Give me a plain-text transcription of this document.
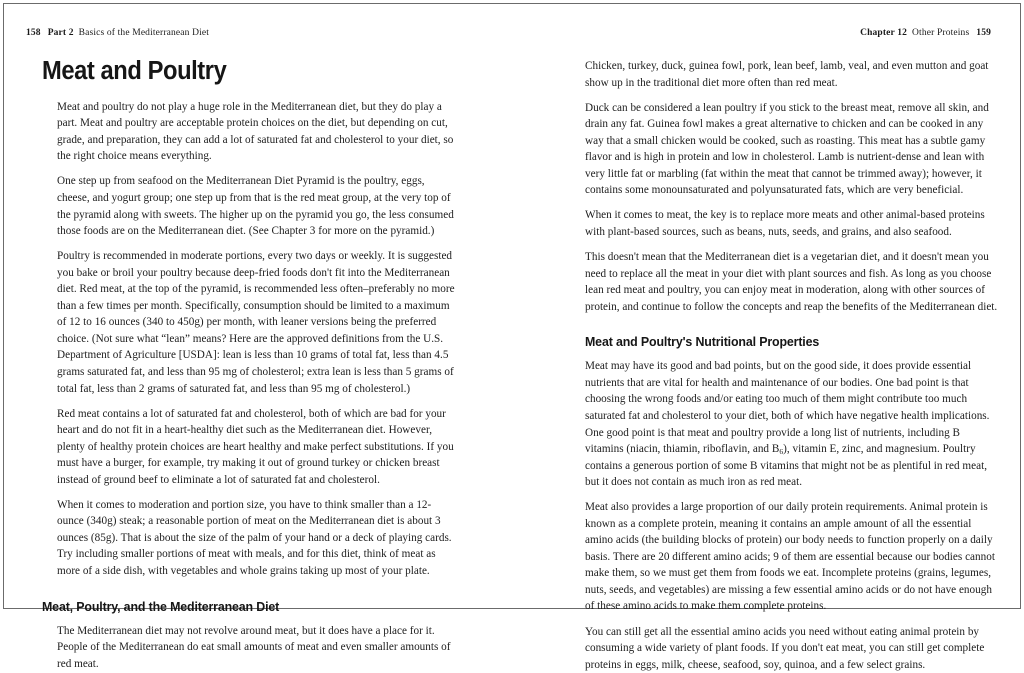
158 Part 2 Basics of the Mediterranean Diet	Chapter 12 Other Proteins 159
Meat and Poultry

Meat and poultry do not play a huge role in the Mediterranean diet, but they do play a part. Meat and poultry are acceptable protein choices on the diet, but depending on cut, grade, and preparation, they can add a lot of saturated fat and cholesterol to your diet, so the right choice means everything.

One step up from seafood on the Mediterranean Diet Pyramid is the poultry, eggs, cheese, and yogurt group; one step up from that is the red meat group, at the very top of the pyramid along with sweets. The higher up on the pyramid you go, the less consumed those foods are on the Mediterranean diet. (See Chapter 3 for more on the pyramid.)

Poultry is recommended in moderate portions, every two days or weekly. It is suggested you bake or broil your poultry because deep-fried foods don't fit into the Mediterranean diet. Red meat, at the top of the pyramid, is recommended less often–preferably no more than a few times per month. Specifically, consumption should be limited to a maximum of 12 to 16 ounces (340 to 450g) per month, with leaner versions being the preferred choice. (Not sure what “lean” means? Here are the approved definitions from the U.S. Department of Agriculture [USDA]: lean is less than 10 grams of total fat, less than 4.5 grams saturated fat, and less than 95 mg of cholesterol; extra lean is less than 5 grams of total fat, less than 2 grams of saturated fat, and less than 95 mg of cholesterol.)

Red meat contains a lot of saturated fat and cholesterol, both of which are bad for your heart and do not fit in a heart-healthy diet such as the Mediterranean diet. However, plenty of healthy protein choices are heart healthy and make perfect substitutions. If you must have a burger, for example, try making it out of ground turkey or chicken breast instead of ground beef to eliminate a lot of saturated fat and cholesterol.

When it comes to moderation and portion size, you have to think smaller than a 12-ounce (340g) steak; a reasonable portion of meat on the Mediterranean diet is about 3 ounces (85g). That is about the size of the palm of your hand or a deck of playing cards. Try including smaller portions of meat with meals, and for this diet, think of meat as more of a side dish, with vegetables and whole grains taking up most of your plate.

Meat, Poultry, and the Mediterranean Diet

The Mediterranean diet may not revolve around meat, but it does have a place for it. People of the Mediterranean do eat small amounts of meat and even smaller amounts of red meat.

Chicken, turkey, duck, guinea fowl, pork, lean beef, lamb, veal, and even mutton and goat show up in the traditional diet more often than red meat.

Duck can be considered a lean poultry if you stick to the breast meat, remove all skin, and drain any fat. Guinea fowl makes a great alternative to chicken and can be cooked in any way that a small chicken would be cooked, such as roasting. This meat has a subtle gamy flavor and is high in protein and low in cholesterol. Lamb is nutrient-dense and lean with very little fat or marbling (fat within the meat that cannot be trimmed away); however, it contains some monounsaturated and polyunsaturated fats, which are very beneficial.

When it comes to meat, the key is to replace more meats and other animal-based proteins with plant-based sources, such as beans, nuts, seeds, and grains, and also seafood.

This doesn't mean that the Mediterranean diet is a vegetarian diet, and it doesn't mean you need to replace all the meat in your diet with plant sources and fish. As long as you choose lean red meat and poultry, you can enjoy meat in moderation, along with other sources of protein, and continue to follow the concepts and reap the benefits of the Mediterranean diet.

Meat and Poultry's Nutritional Properties

Meat may have its good and bad points, but on the good side, it does provide essential nutrients that are vital for health and maintenance of our bodies. One bad point is that choosing the wrong foods and/or eating too much of them might contribute too much saturated fat and cholesterol to your diet, both of which have negative health implications. One good point is that meat and poultry provide a long list of nutrients, including B vitamins (niacin, thiamin, riboflavin, and $B_6$), vitamin E, zinc, and magnesium. Poultry contains a generous portion of some B vitamins that might not be as plentiful in red meat, but it does not contain as much iron as red meat.

Meat also provides a large proportion of our daily protein requirements. Animal protein is known as a complete protein, meaning it contains an ample amount of all the essential amino acids (the building blocks of protein) our body needs to function properly on a daily basis. There are 20 different amino acids; 9 of them are essential because our bodies cannot make them, so we must get them from foods we eat. Incomplete proteins (grains, legumes, nuts, seeds, and vegetables) are missing a few essential amino acids or do not have enough of these amino acids to make them complete proteins.

You can still get all the essential amino acids you need without eating animal protein by consuming a wide variety of plant foods. If you don't eat meat, you can still get complete proteins in eggs, milk, cheese, seafood, soy, quinoa, and a few select grains.
